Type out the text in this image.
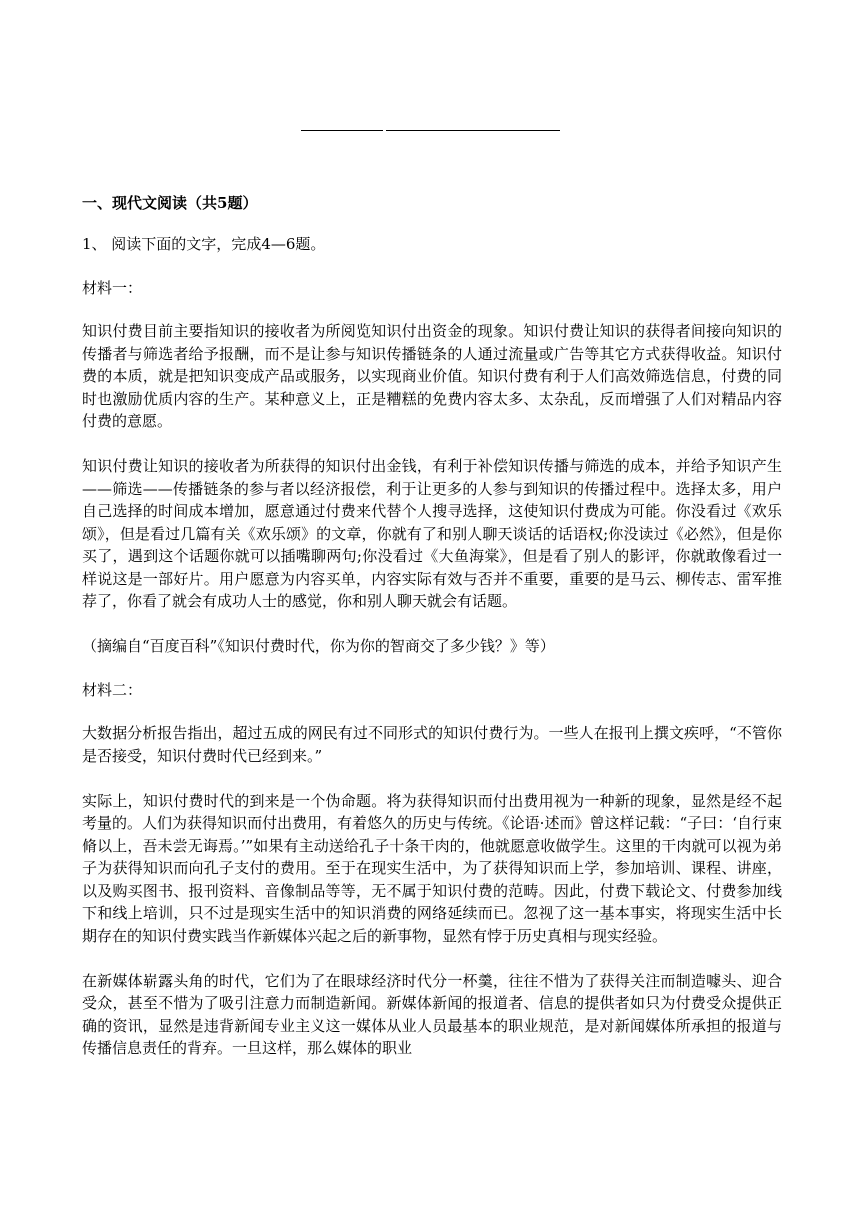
一、现代文阅读（共5题）

1、 阅读下面的文字，完成4—6题。

材料一：

知识付费目前主要指知识的接收者为所阅览知识付出资金的现象。知识付费让知识的获得者间接向知识的传播者与筛选者给予报酬，而不是让参与知识传播链条的人通过流量或广告等其它方式获得收益。知识付费的本质，就是把知识变成产品或服务，以实现商业价值。知识付费有利于人们高效筛选信息，付费的同时也激励优质内容的生产。某种意义上，正是糟糕的免费内容太多、太杂乱，反而增强了人们对精品内容付费的意愿。

知识付费让知识的接收者为所获得的知识付出金钱，有利于补偿知识传播与筛选的成本，并给予知识产生——筛选——传播链条的参与者以经济报偿，利于让更多的人参与到知识的传播过程中。选择太多，用户自己选择的时间成本增加，愿意通过付费来代替个人搜寻选择，这使知识付费成为可能。你没看过《欢乐颂》，但是看过几篇有关《欢乐颂》的文章，你就有了和别人聊天谈话的话语权;你没读过《必然》，但是你买了，遇到这个话题你就可以插嘴聊两句;你没看过《大鱼海棠》，但是看了别人的影评，你就敢像看过一样说这是一部好片。用户愿意为内容买单，内容实际有效与否并不重要，重要的是马云、柳传志、雷军推荐了，你看了就会有成功人士的感觉，你和别人聊天就会有话题。

（摘编自“百度百科”《知识付费时代，你为你的智商交了多少钱？》等）

材料二：

大数据分析报告指出，超过五成的网民有过不同形式的知识付费行为。一些人在报刊上撰文疾呼，“不管你是否接受，知识付费时代已经到来。”

实际上，知识付费时代的到来是一个伪命题。将为获得知识而付出费用视为一种新的现象，显然是经不起考量的。人们为获得知识而付出费用，有着悠久的历史与传统。《论语·述而》曾这样记载：“子曰：‘自行束脩以上，吾未尝无诲焉。’”如果有主动送给孔子十条干肉的，他就愿意收做学生。这里的干肉就可以视为弟子为获得知识而向孔子支付的费用。至于在现实生活中，为了获得知识而上学，参加培训、课程、讲座，以及购买图书、报刊资料、音像制品等等，无不属于知识付费的范畴。因此，付费下载论文、付费参加线下和线上培训，只不过是现实生活中的知识消费的网络延续而已。忽视了这一基本事实，将现实生活中长期存在的知识付费实践当作新媒体兴起之后的新事物，显然有悖于历史真相与现实经验。

在新媒体崭露头角的时代，它们为了在眼球经济时代分一杯羹，往往不惜为了获得关注而制造噱头、迎合受众，甚至不惜为了吸引注意力而制造新闻。新媒体新闻的报道者、信息的提供者如只为付费受众提供正确的资讯，显然是违背新闻专业主义这一媒体从业人员最基本的职业规范，是对新闻媒体所承担的报道与传播信息责任的背弃。一旦这样，那么媒体的职业
